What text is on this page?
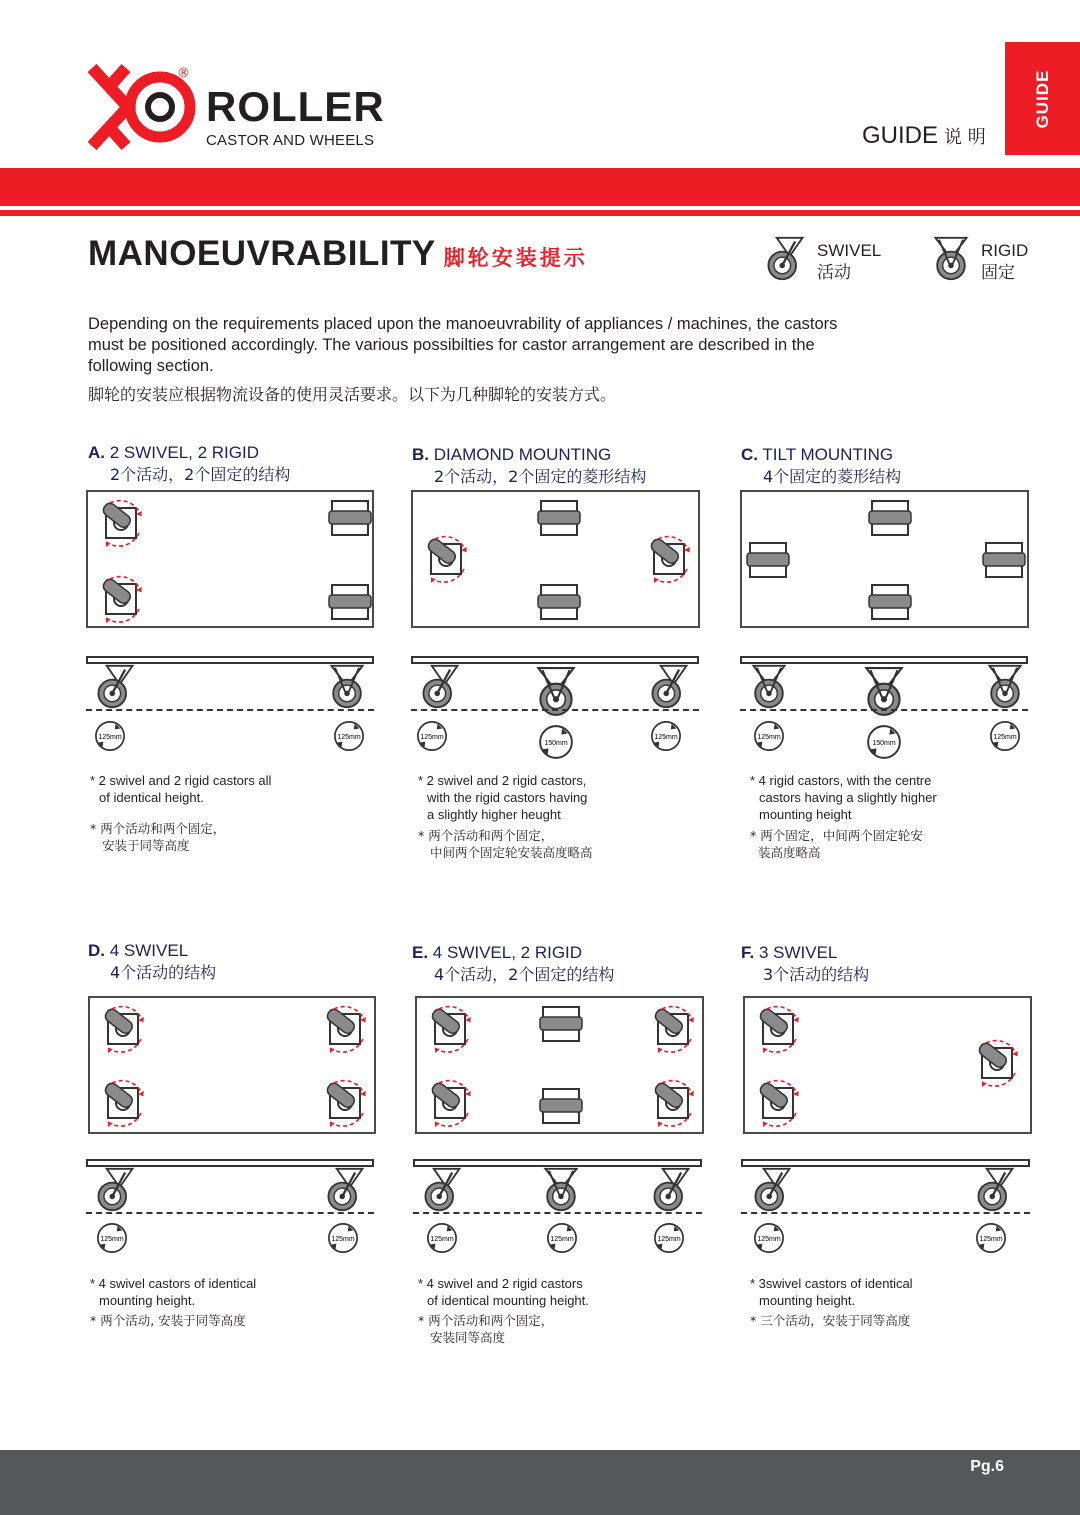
®
ROLLER
CASTOR AND WHEELS
GUIDE
GUIDE 说 明
MANOEUVRABILITY 脚轮安装提示	SWIVEL
活动
RIGID
固定
Depending on the requirements placed upon the manoeuvrability of appliances / machines, the castors must be positioned accordingly. The various possibilties for castor arrangement are described in the following section.
脚轮的安装应根据物流设备的使用灵活要求。以下为几种脚轮的安装方式。
A. 2 SWIVEL, 2 RIGID
2个活动，2个固定的结构
125mm	125mm
* 2 swivel and 2 rigid castors all
of identical height.
* 两个活动和两个固定，
安装于同等高度
B. DIAMOND MOUNTING
2个活动，2个固定的菱形结构
125mm
150mm
125mm
* 2 swivel and 2 rigid castors,
with the rigid castors having
a slightly higher heught
* 两个活动和两个固定，
中间两个固定轮安装高度略高
C. TILT MOUNTING
4个固定的菱形结构
125mm
150mm
125mm
* 4 rigid castors, with the centre
castors having a slightly higher
mounting height
* 两个固定，中间两个固定轮安
装高度略高
D. 4 SWIVEL
4个活动的结构
125mm	125mm
* 4 swivel castors of identical
mounting height.
* 两个活动, 安装于同等高度
E. 4 SWIVEL, 2 RIGID
4个活动，2个固定的结构
125mm	125mm	125mm
* 4 swivel and 2 rigid castors
of identical mounting height.
* 两个活动和两个固定，
安装同等高度
F. 3 SWIVEL
3个活动的结构
125mm	125mm
* 3swivel castors of identical
mounting height.
* 三个活动，安装于同等高度
Pg.6
